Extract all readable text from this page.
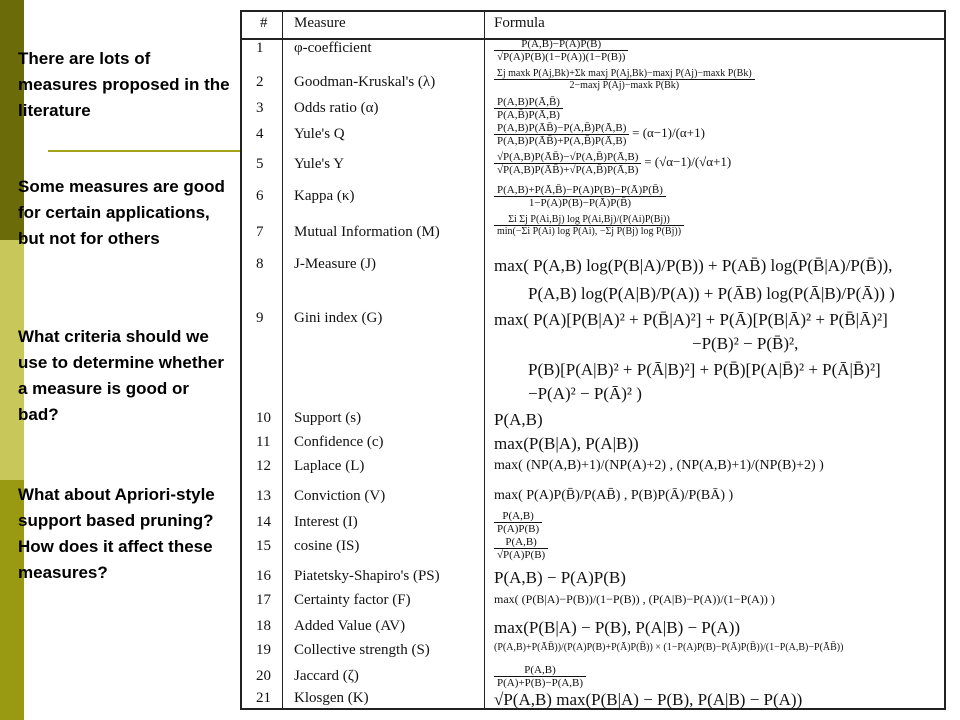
There are lots of measures proposed in the literature
Some measures are good for certain applications, but not for others
What criteria should we use to determine whether a measure is good or bad?
What about Apriori-style support based pruning? How does it affect these measures?
# Measure	Formula
1 φ-coefficient	$\frac{P(A,B)-P(A)P(B)}{√P(A)P(B)(1-P(A))(1-P(B))}$
2 Goodman-Kruskal's (λ)	$\frac{\text{Σj maxk P(Aj,Bk)+Σk maxj P(Aj,Bk)−maxj P(Aj)−maxk P(Bk)}}{\text{2−maxj P(Aj)−maxk P(Bk)}}$
3 Odds ratio (α)	$\frac{P(A,B)P(Ā,B̄)}{P(A,B̄)P(Ā,B)}$
4 Yule's Q	$\frac{P(A,B)P(ĀB̄)-P(A,B̄)P(Ā,B)}{P(A,B)P(ĀB̄)+P(A,B̄)P(Ā,B)} = (\alpha-1)/(\alpha+1)$
5 Yule's Y	$\frac{√P(A,B)P(ĀB̄)-√P(A,B̄)P(Ā,B)}{√P(A,B)P(ĀB̄)+√P(A,B̄)P(Ā,B)} = (√\alpha-1)/(√\alpha+1)$
6 Kappa (κ)	$\frac{P(A,B)+P(Ā,B̄)-P(A)P(B)-P(Ā)P(B̄)}{1-P(A)P(B)-P(Ā)P(B̄)}$
7 Mutual Information (M)	$\frac{\text{Σi Σj P(Ai,Bj) log P(Ai,Bj)/(P(Ai)P(Bj))}}{\text{min(−Σi P(Ai) log P(Ai), −Σj P(Bj) log P(Bj))}}$
8 J-Measure (J)	max( P(A,B) log(P(B|A)/P(B)) + P(AB̄) log(P(B̄|A)/P(B̄)),
P(A,B) log(P(A|B)/P(A)) + P(ĀB) log(P(Ā|B)/P(Ā)) )
9 Gini index (G)	max( P(A)[P(B|A)² + P(B̄|A)²] + P(Ā)[P(B|Ā)² + P(B̄|Ā)²]
−P(B)² − P(B̄)²,
P(B)[P(A|B)² + P(Ā|B)²] + P(B̄)[P(A|B̄)² + P(Ā|B̄)²]
−P(A)² − P(Ā)² )
10 Support (s)	P(A,B)
11 Confidence (c)	max(P(B|A), P(A|B))
12 Laplace (L)	max( (NP(A,B)+1)/(NP(A)+2) , (NP(A,B)+1)/(NP(B)+2) )
13 Conviction (V)	max( P(A)P(B̄)/P(AB̄) , P(B)P(Ā)/P(BĀ) )
14 Interest (I)	$\frac{P(A,B)}{P(A)P(B)}$
15 cosine (IS)	$\frac{P(A,B)}{√P(A)P(B)}$
16 Piatetsky-Shapiro's (PS)	P(A,B) − P(A)P(B)
17 Certainty factor (F)	max( (P(B|A)−P(B))/(1−P(B)) , (P(A|B)−P(A))/(1−P(A)) )
18 Added Value (AV)	max(P(B|A) − P(B), P(A|B) − P(A))
19 Collective strength (S)	(P(A,B)+P(ĀB̄))/(P(A)P(B)+P(Ā)P(B̄)) × (1−P(A)P(B)−P(Ā)P(B̄))/(1−P(A,B)−P(ĀB̄))
20 Jaccard (ζ)	$\frac{P(A,B)}{P(A)+P(B)-P(A,B)}$
21 Klosgen (K)	√P(A,B) max(P(B|A) − P(B), P(A|B) − P(A))
